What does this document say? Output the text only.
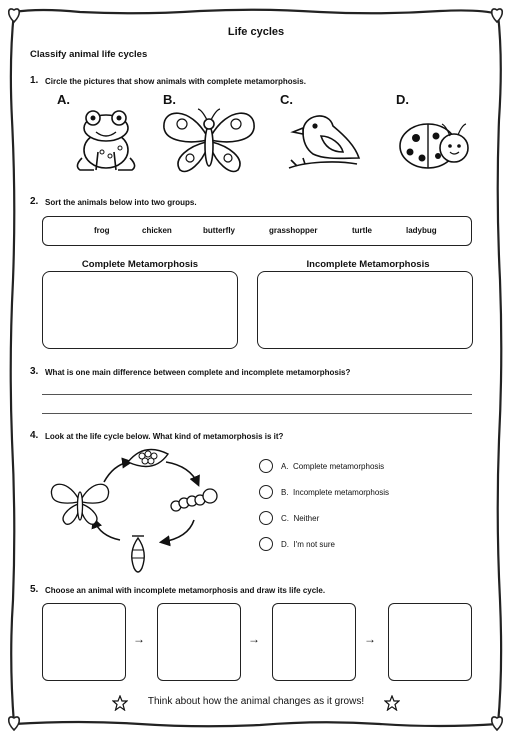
Life cycles
Classify animal life cycles
1. Circle the pictures that show animals with complete metamorphosis.
A.	B.	C.	D.
2. Sort the animals below into two groups.
frog	chicken	butterfly	grasshopper	turtle	ladybug
Complete Metamorphosis	Incomplete Metamorphosis
3. What is one main difference between complete and incomplete metamorphosis?
4. Look at the life cycle below. What kind of metamorphosis is it?
A. Complete metamorphosis
B. Incomplete metamorphosis
C. Neither
D. I'm not sure
5. Choose an animal with incomplete metamorphosis and draw its life cycle.
→	→	→
Think about how the animal changes as it grows!
